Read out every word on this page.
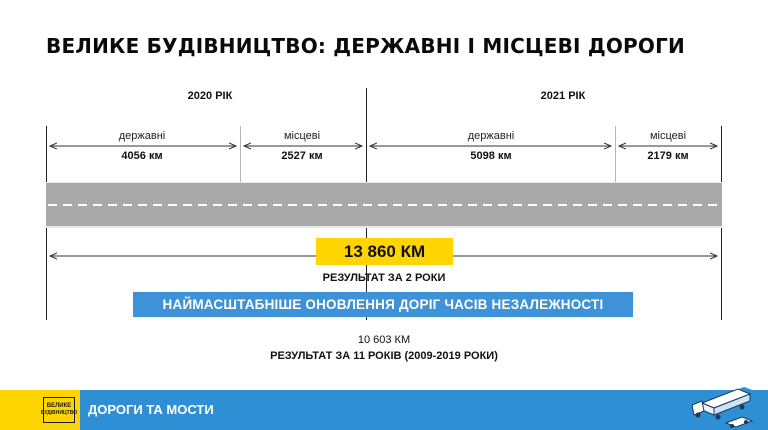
ВЕЛИКЕ БУДІВНИЦТВО: ДЕРЖАВНІ І МІСЦЕВІ ДОРОГИ
2020 РІК	2021 РІК
державні
4056 км
місцеві
2527 км
державні
5098 км
місцеві
2179 км
13 860 КМ
РЕЗУЛЬТАТ ЗА 2 РОКИ
НАЙМАСШТАБНІШЕ ОНОВЛЕННЯ ДОРІГ ЧАСІВ НЕЗАЛЕЖНОСТІ
10 603 КМ
РЕЗУЛЬТАТ ЗА 11 РОКІВ (2009-2019 РОКИ)
ВЕЛИКЕ
БУДІВНИЦТВО ДОРОГИ ТА МОСТИ
